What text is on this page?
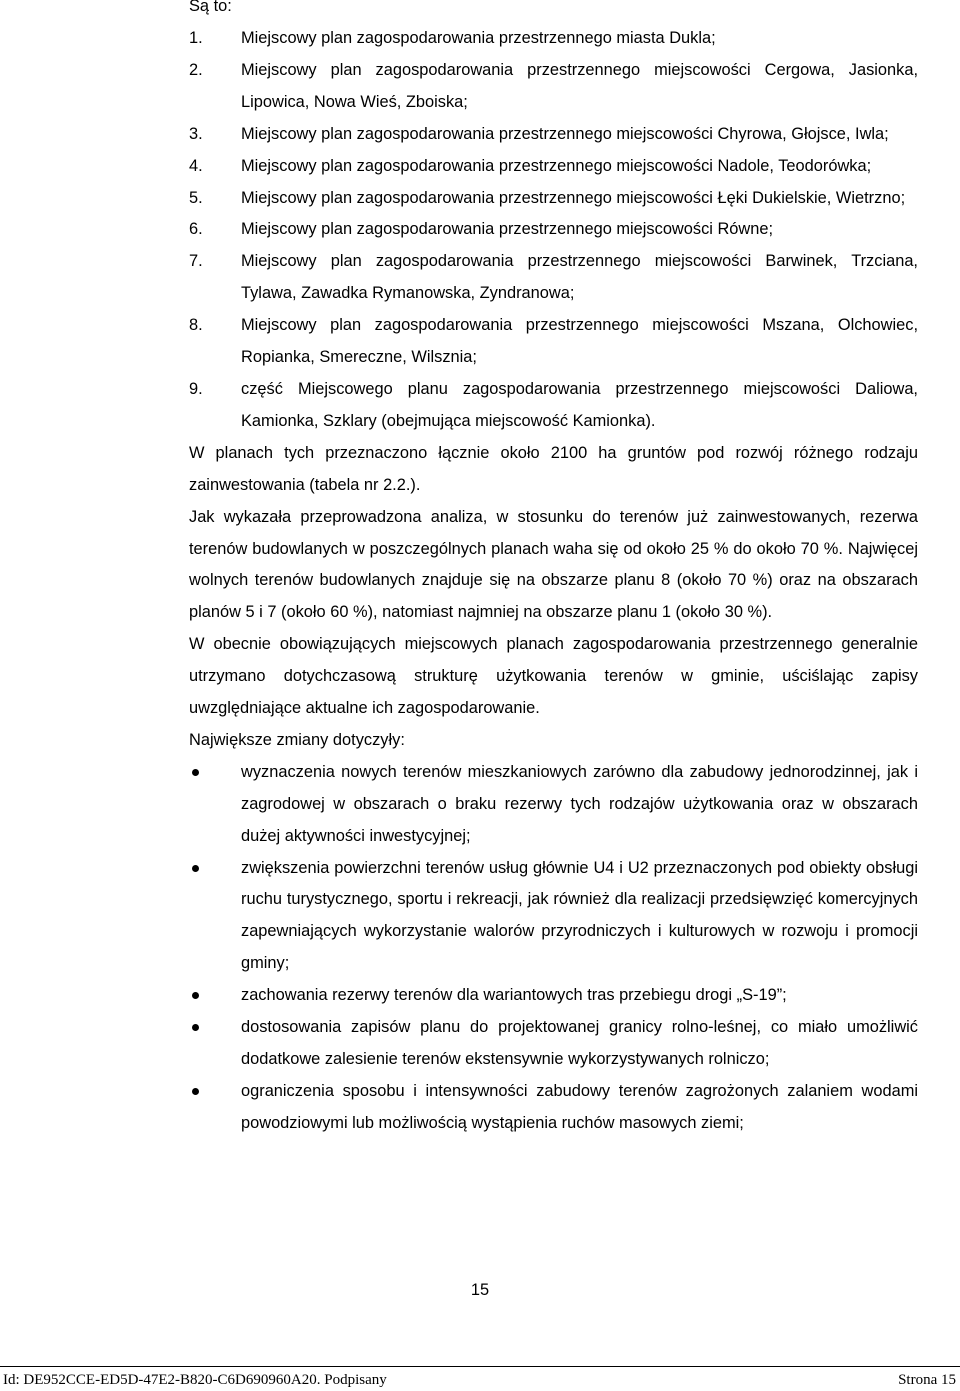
Są to:

1.	Miejscowy plan zagospodarowania przestrzennego miasta Dukla;
2.	Miejscowy plan zagospodarowania przestrzennego miejscowości Cergowa, Jasionka, Lipowica, Nowa Wieś, Zboiska;
3.	Miejscowy plan zagospodarowania przestrzennego miejscowości Chyrowa, Głojsce, Iwla;
4.	Miejscowy plan zagospodarowania przestrzennego miejscowości Nadole, Teodorówka;
5.	Miejscowy plan zagospodarowania przestrzennego miejscowości Łęki Dukielskie, Wietrzno;
6.	Miejscowy plan zagospodarowania przestrzennego miejscowości Równe;
7.	Miejscowy plan zagospodarowania przestrzennego miejscowości Barwinek, Trzciana, Tylawa, Zawadka Rymanowska, Zyndranowa;
8.	Miejscowy plan zagospodarowania przestrzennego miejscowości Mszana, Olchowiec, Ropianka, Smereczne, Wilsznia;
9.	część Miejscowego planu zagospodarowania przestrzennego miejscowości Daliowa, Kamionka, Szklary (obejmująca miejscowość Kamionka).

W planach tych przeznaczono łącznie około 2100 ha gruntów pod rozwój różnego rodzaju zainwestowania (tabela nr 2.2.).

Jak wykazała przeprowadzona analiza, w stosunku do terenów już zainwestowanych, rezerwa terenów budowlanych w poszczególnych planach waha się od około 25 % do około 70 %. Najwięcej wolnych terenów budowlanych znajduje się na obszarze planu 8 (około 70 %) oraz na obszarach planów 5 i 7 (około 60 %), natomiast najmniej na obszarze planu 1 (około 30 %).

W obecnie obowiązujących miejscowych planach zagospodarowania przestrzennego generalnie utrzymano dotychczasową strukturę użytkowania terenów w gminie, uściślając zapisy uwzględniające aktualne ich zagospodarowanie.

Największe zmiany dotyczyły:

wyznaczenia nowych terenów mieszkaniowych zarówno dla zabudowy jednorodzinnej, jak i zagrodowej w obszarach o braku rezerwy tych rodzajów użytkowania oraz w obszarach dużej aktywności inwestycyjnej;
zwiększenia powierzchni terenów usług głównie U4 i U2 przeznaczonych pod obiekty obsługi ruchu turystycznego, sportu i rekreacji, jak również dla realizacji przedsięwzięć komercyjnych zapewniających wykorzystanie walorów przyrodniczych i kulturowych w rozwoju i promocji gminy;
zachowania rezerwy terenów dla wariantowych tras przebiegu drogi „S-19”;
dostosowania zapisów planu do projektowanej granicy rolno-leśnej, co miało umożliwić dodatkowe zalesienie terenów ekstensywnie wykorzystywanych rolniczo;
ograniczenia sposobu i intensywności zabudowy terenów zagrożonych zalaniem wodami powodziowymi lub możliwością wystąpienia ruchów masowych ziemi;
15
Id: DE952CCE-ED5D-47E2-B820-C6D690960A20. Podpisany	Strona 15
